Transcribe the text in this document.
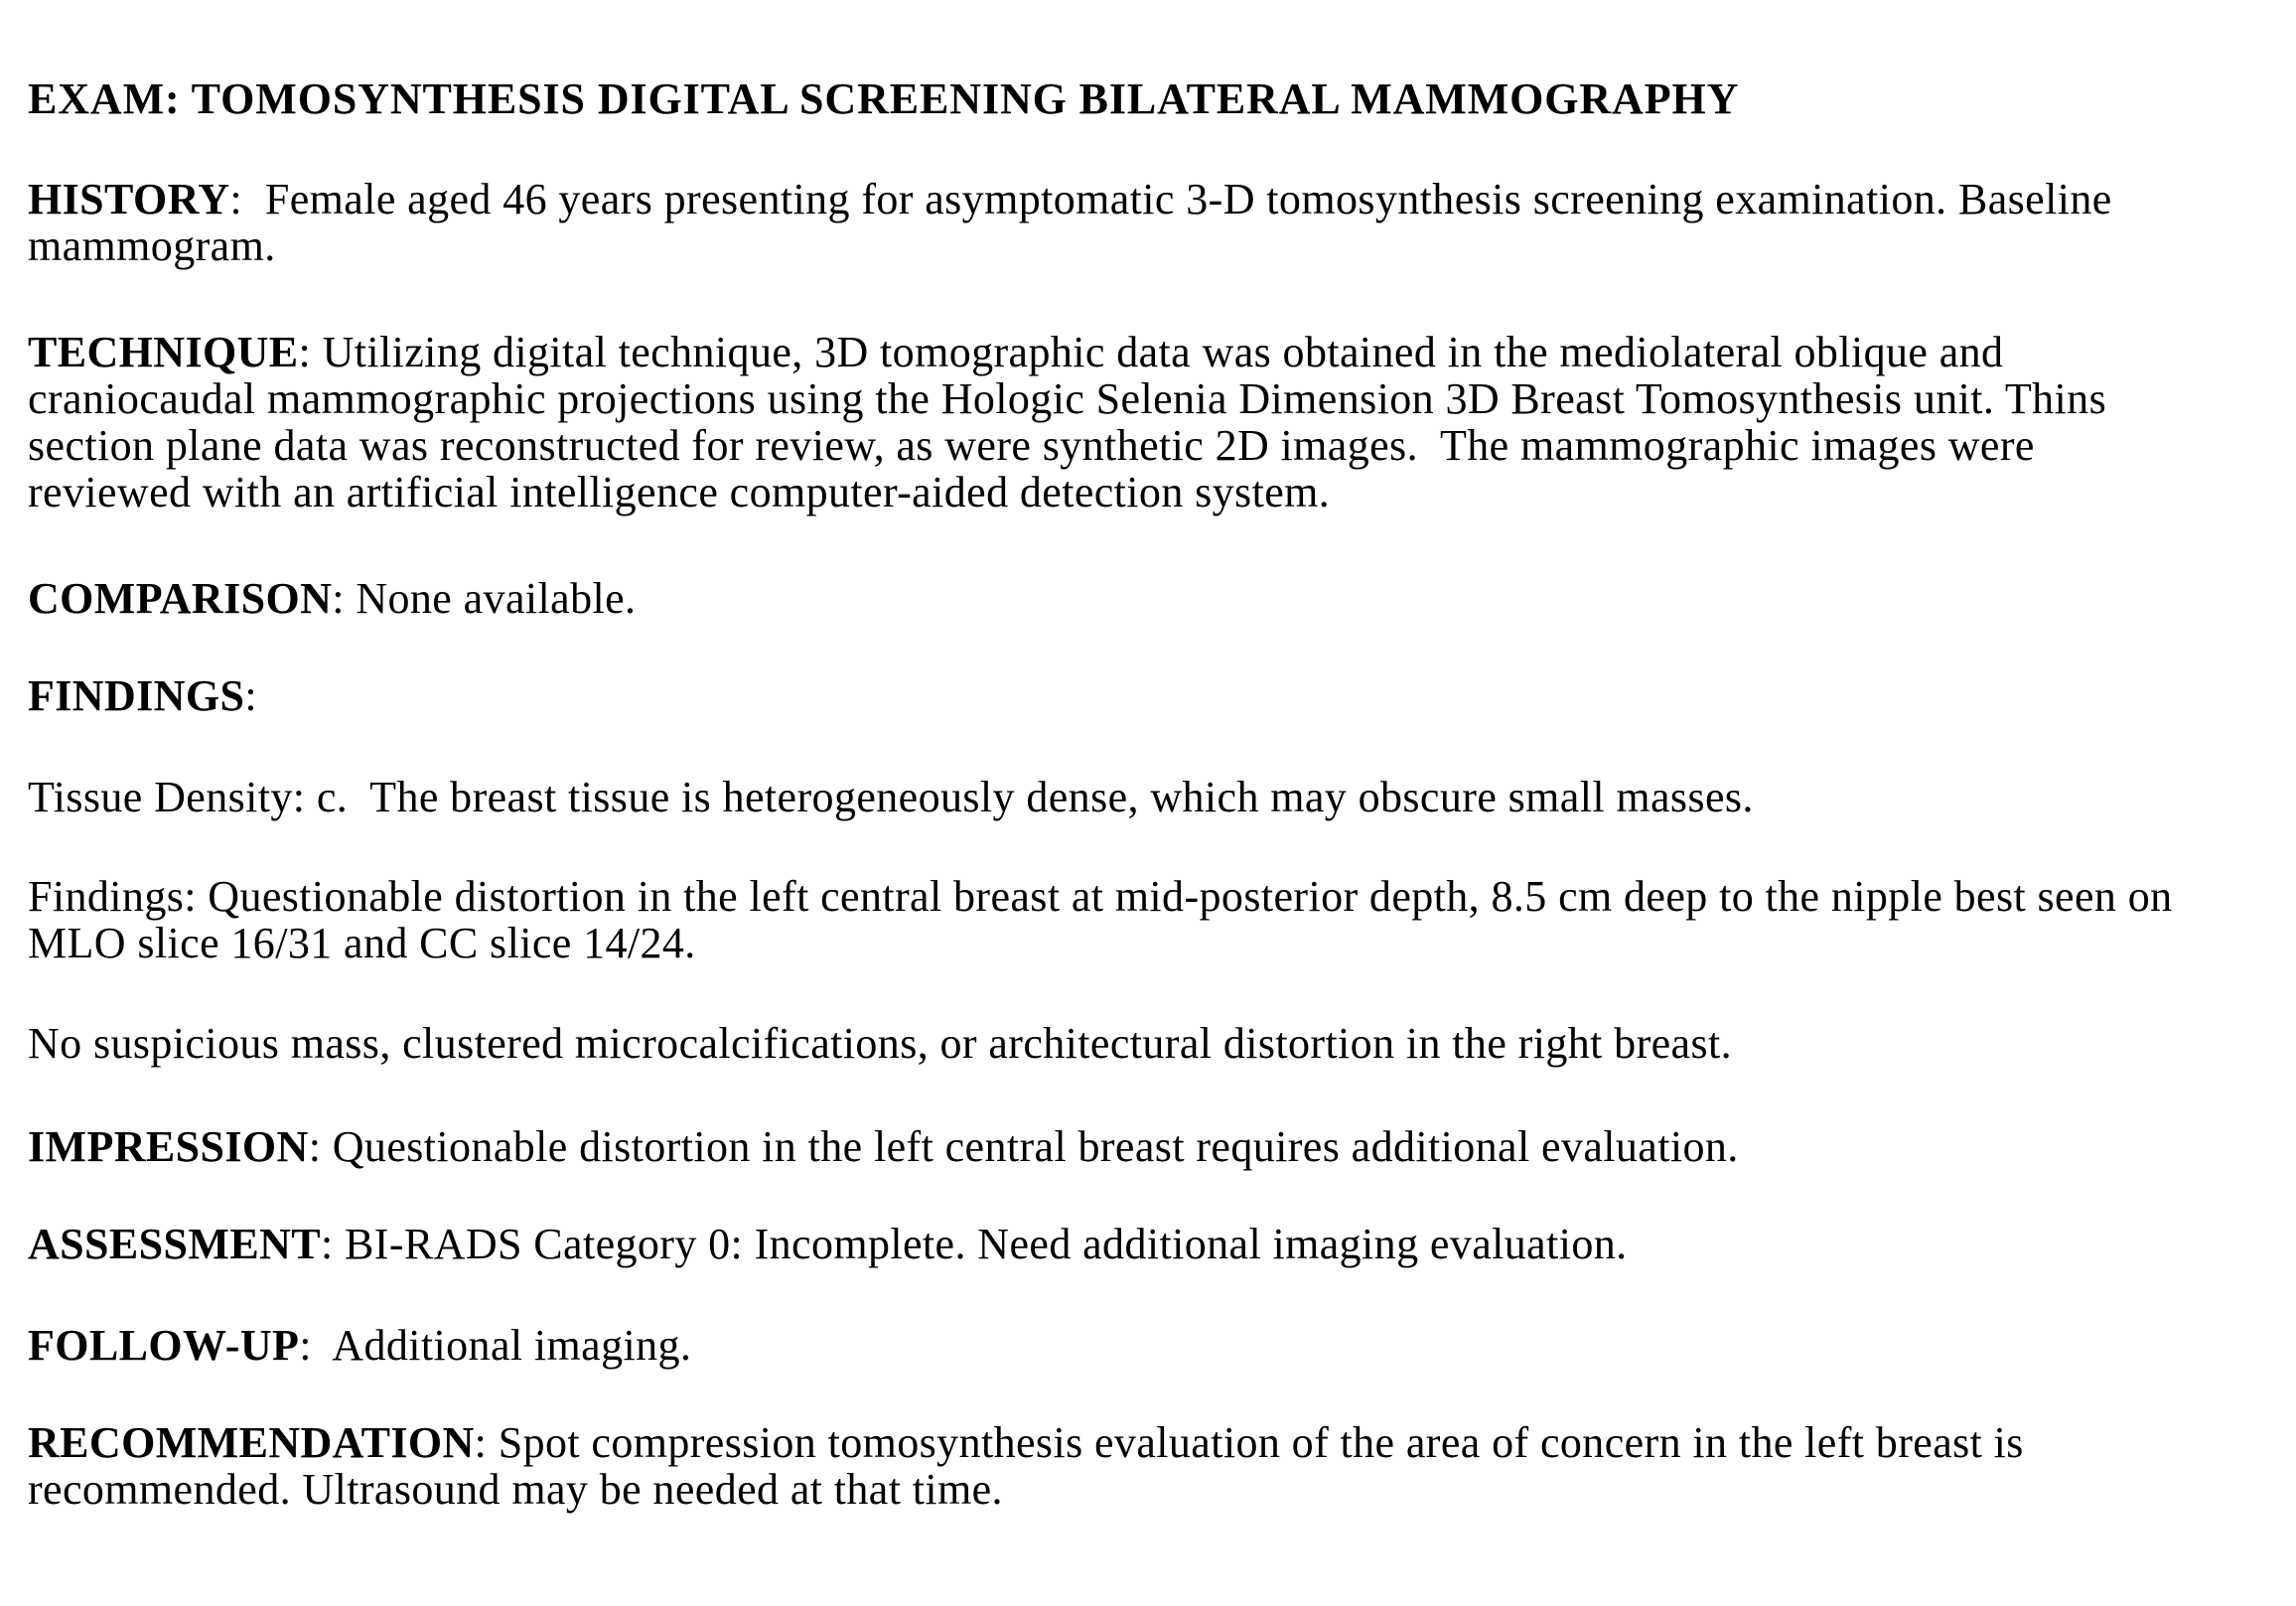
EXAM: TOMOSYNTHESIS DIGITAL SCREENING BILATERAL MAMMOGRAPHY
HISTORY:  Female aged 46 years presenting for asymptomatic 3-D tomosynthesis screening examination. Baseline
mammogram.
TECHNIQUE: Utilizing digital technique, 3D tomographic data was obtained in the mediolateral oblique and
craniocaudal mammographic projections using the Hologic Selenia Dimension 3D Breast Tomosynthesis unit. Thins
section plane data was reconstructed for review, as were synthetic 2D images.  The mammographic images were
reviewed with an artificial intelligence computer-aided detection system.
COMPARISON: None available.
FINDINGS:
Tissue Density: c.  The breast tissue is heterogeneously dense, which may obscure small masses.
Findings: Questionable distortion in the left central breast at mid-posterior depth, 8.5 cm deep to the nipple best seen on
MLO slice 16/31 and CC slice 14/24.
No suspicious mass, clustered microcalcifications, or architectural distortion in the right breast.
IMPRESSION: Questionable distortion in the left central breast requires additional evaluation.
ASSESSMENT: BI-RADS Category 0: Incomplete. Need additional imaging evaluation.
FOLLOW-UP:  Additional imaging.
RECOMMENDATION: Spot compression tomosynthesis evaluation of the area of concern in the left breast is
recommended. Ultrasound may be needed at that time.
